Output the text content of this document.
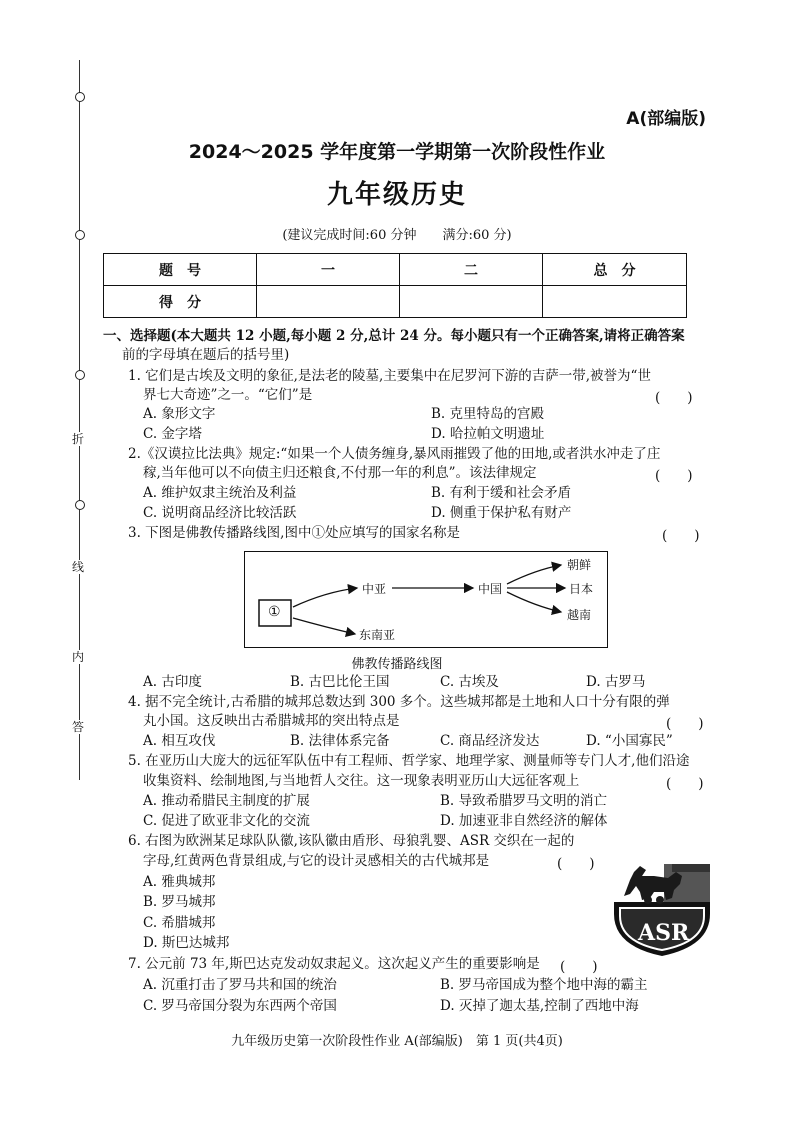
折
线
内
答
A(部编版)
2024～2025 学年度第一学期第一次阶段性作业
九年级历史
(建议完成时间:60 分钟　　满分:60 分)
题　号	一	二	总　分
得　分			
一、选择题(本大题共 12 小题,每小题 2 分,总计 24 分。每小题只有一个正确答案,请将正确答案
前的字母填在题后的括号里)
1. 它们是古埃及文明的象征,是法老的陵墓,主要集中在尼罗河下游的吉萨一带,被誉为“世
界七大奇迹”之一。“它们”是	(　　)
A. 象形文字	B. 克里特岛的宫殿
C. 金字塔	D. 哈拉帕文明遗址
2.《汉谟拉比法典》规定:“如果一个人债务缠身,暴风雨摧毁了他的田地,或者洪水冲走了庄
稼,当年他可以不向债主归还粮食,不付那一年的利息”。该法律规定	(　　)
A. 维护奴隶主统治及利益	B. 有利于缓和社会矛盾
C. 说明商品经济比较活跃	D. 侧重于保护私有财产
3. 下图是佛教传播路线图,图中①处应填写的国家名称是	(　　)
①
中亚
东南亚
中国
朝鲜
日本
越南
佛教传播路线图
A. 古印度	B. 古巴比伦王国	C. 古埃及	D. 古罗马
4. 据不完全统计,古希腊的城邦总数达到 300 多个。这些城邦都是土地和人口十分有限的弹
丸小国。这反映出古希腊城邦的突出特点是	(　　)
A. 相互攻伐	B. 法律体系完备	C. 商品经济发达	D. “小国寡民”
5. 在亚历山大庞大的远征军队伍中有工程师、哲学家、地理学家、测量师等专门人才,他们沿途
收集资料、绘制地图,与当地哲人交往。这一现象表明亚历山大远征客观上	(　　)
A. 推动希腊民主制度的扩展	B. 导致希腊罗马文明的消亡
C. 促进了欧亚非文化的交流	D. 加速亚非自然经济的解体
6. 右图为欧洲某足球队队徽,该队徽由盾形、母狼乳婴、ASR 交织在一起的
字母,红黄两色背景组成,与它的设计灵感相关的古代城邦是	(　　)
A. 雅典城邦
B. 罗马城邦
C. 希腊城邦
D. 斯巴达城邦	ASR
7. 公元前 73 年,斯巴达克发动奴隶起义。这次起义产生的重要影响是 (　　)
A. 沉重打击了罗马共和国的统治	B. 罗马帝国成为整个地中海的霸主
C. 罗马帝国分裂为东西两个帝国	D. 灭掉了迦太基,控制了西地中海
九年级历史第一次阶段性作业 A(部编版)　第 1 页(共4页)
